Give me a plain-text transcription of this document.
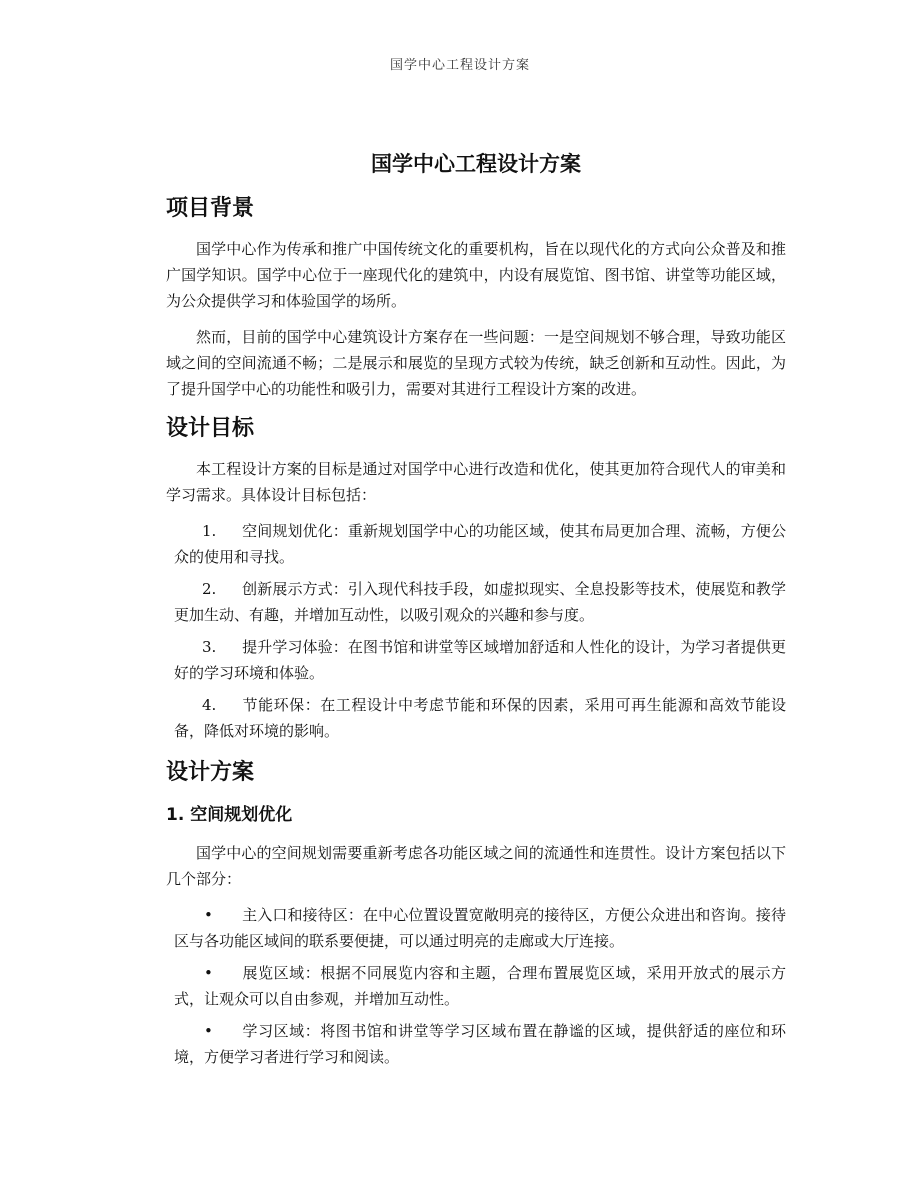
国学中心工程设计方案
国学中心工程设计方案
项目背景

国学中心作为传承和推广中国传统文化的重要机构，旨在以现代化的方式向公众普及和推广国学知识。国学中心位于一座现代化的建筑中，内设有展览馆、图书馆、讲堂等功能区域，为公众提供学习和体验国学的场所。

然而，目前的国学中心建筑设计方案存在一些问题：一是空间规划不够合理，导致功能区域之间的空间流通不畅；二是展示和展览的呈现方式较为传统，缺乏创新和互动性。因此，为了提升国学中心的功能性和吸引力，需要对其进行工程设计方案的改进。

设计目标

本工程设计方案的目标是通过对国学中心进行改造和优化，使其更加符合现代人的审美和学习需求。具体设计目标包括：

1. 空间规划优化：重新规划国学中心的功能区域，使其布局更加合理、流畅，方便公众的使用和寻找。
2. 创新展示方式：引入现代科技手段，如虚拟现实、全息投影等技术，使展览和教学更加生动、有趣，并增加互动性，以吸引观众的兴趣和参与度。
3. 提升学习体验：在图书馆和讲堂等区域增加舒适和人性化的设计，为学习者提供更好的学习环境和体验。
4. 节能环保：在工程设计中考虑节能和环保的因素，采用可再生能源和高效节能设备，降低对环境的影响。
设计方案
1. 空间规划优化

国学中心的空间规划需要重新考虑各功能区域之间的流通性和连贯性。设计方案包括以下几个部分：

• 主入口和接待区：在中心位置设置宽敞明亮的接待区，方便公众进出和咨询。接待区与各功能区域间的联系要便捷，可以通过明亮的走廊或大厅连接。
• 展览区域：根据不同展览内容和主题，合理布置展览区域，采用开放式的展示方式，让观众可以自由参观，并增加互动性。
• 学习区域：将图书馆和讲堂等学习区域布置在静谧的区域，提供舒适的座位和环境，方便学习者进行学习和阅读。
